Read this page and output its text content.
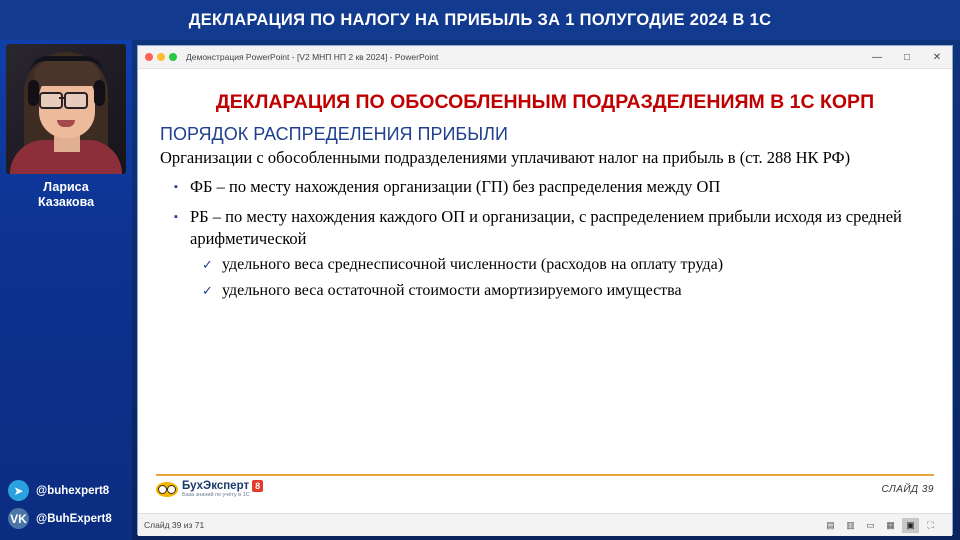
ДЕКЛАРАЦИЯ ПО НАЛОГУ НА ПРИБЫЛЬ ЗА 1 ПОЛУГОДИЕ 2024 В 1С
Лариса
Казакова
➤	@buhexpert8
VK @BuhExpert8
Демонстрация PowerPoint - [V2 МНП НП 2 кв 2024] - PowerPoint	—	□	✕
ДЕКЛАРАЦИЯ ПО ОБОСОБЛЕННЫМ ПОДРАЗДЕЛЕНИЯМ В 1С КОРП
ПОРЯДОК РАСПРЕДЕЛЕНИЯ ПРИБЫЛИ
Организации с обособленными подразделениями уплачивают налог на прибыль в (ст. 288 НК РФ)
▪ ФБ – по месту нахождения организации (ГП) без распределения между ОП
▪ РБ – по месту нахождения каждого ОП и организации, с распределением прибыли исходя из средней арифметической
✓ удельного веса среднесписочной численности (расходов на оплату труда)
✓ удельного веса остаточной стоимости амортизируемого имущества
БухЭксперт 8
База знаний по учёту в 1С	СЛАЙД 39
Слайд 39 из 71	▤	▥	▭	▦	▣	⛶
